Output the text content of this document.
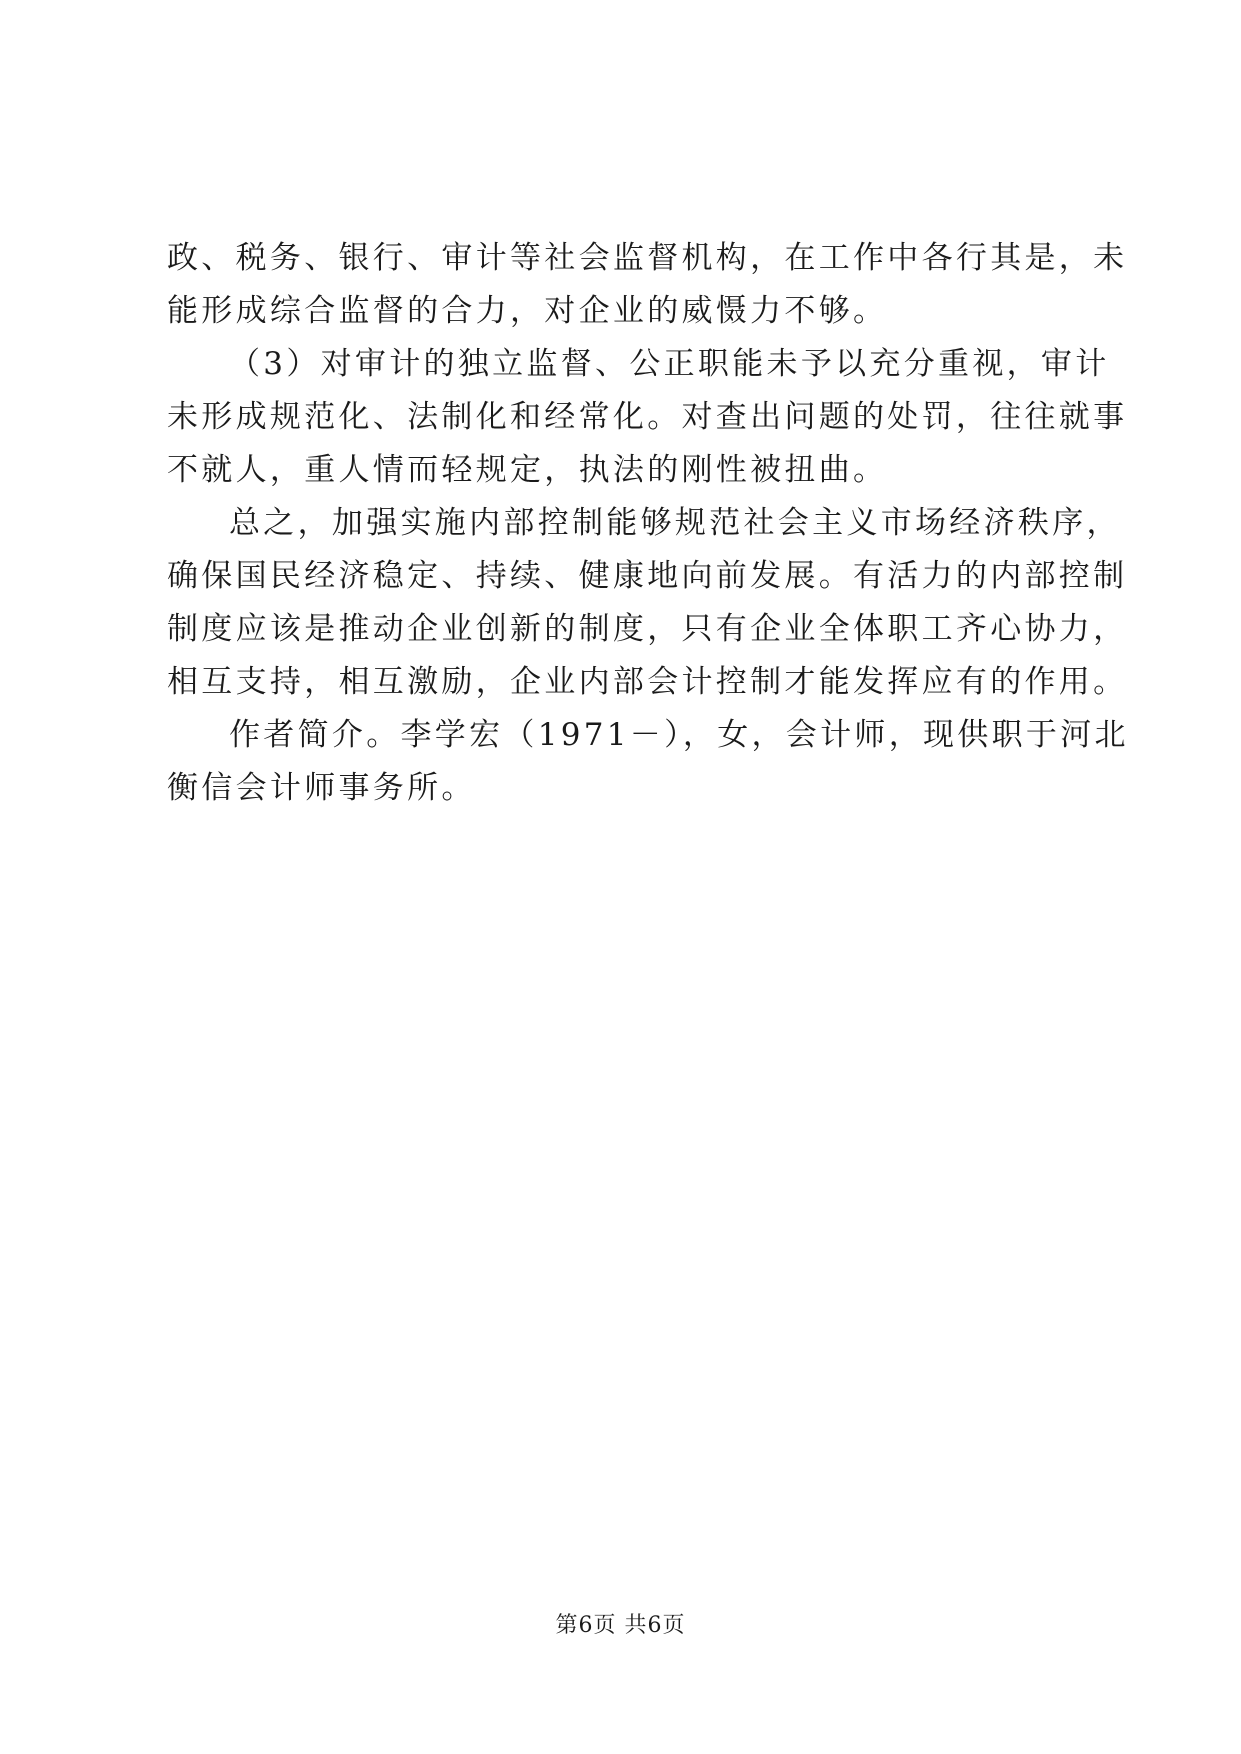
政、税务、银行、审计等社会监督机构，在工作中各行其是，未
能形成综合监督的合力，对企业的威慑力不够。
（3）对审计的独立监督、公正职能未予以充分重视，审计
未形成规范化、法制化和经常化。对查出问题的处罚，往往就事
不就人，重人情而轻规定，执法的刚性被扭曲。
总之，加强实施内部控制能够规范社会主义市场经济秩序，
确保国民经济稳定、持续、健康地向前发展。有活力的内部控制
制度应该是推动企业创新的制度，只有企业全体职工齐心协力，
相互支持，相互激励，企业内部会计控制才能发挥应有的作用。
作者简介。李学宏（1971－），女，会计师，现供职于河北
衡信会计师事务所。
第6页 共6页
